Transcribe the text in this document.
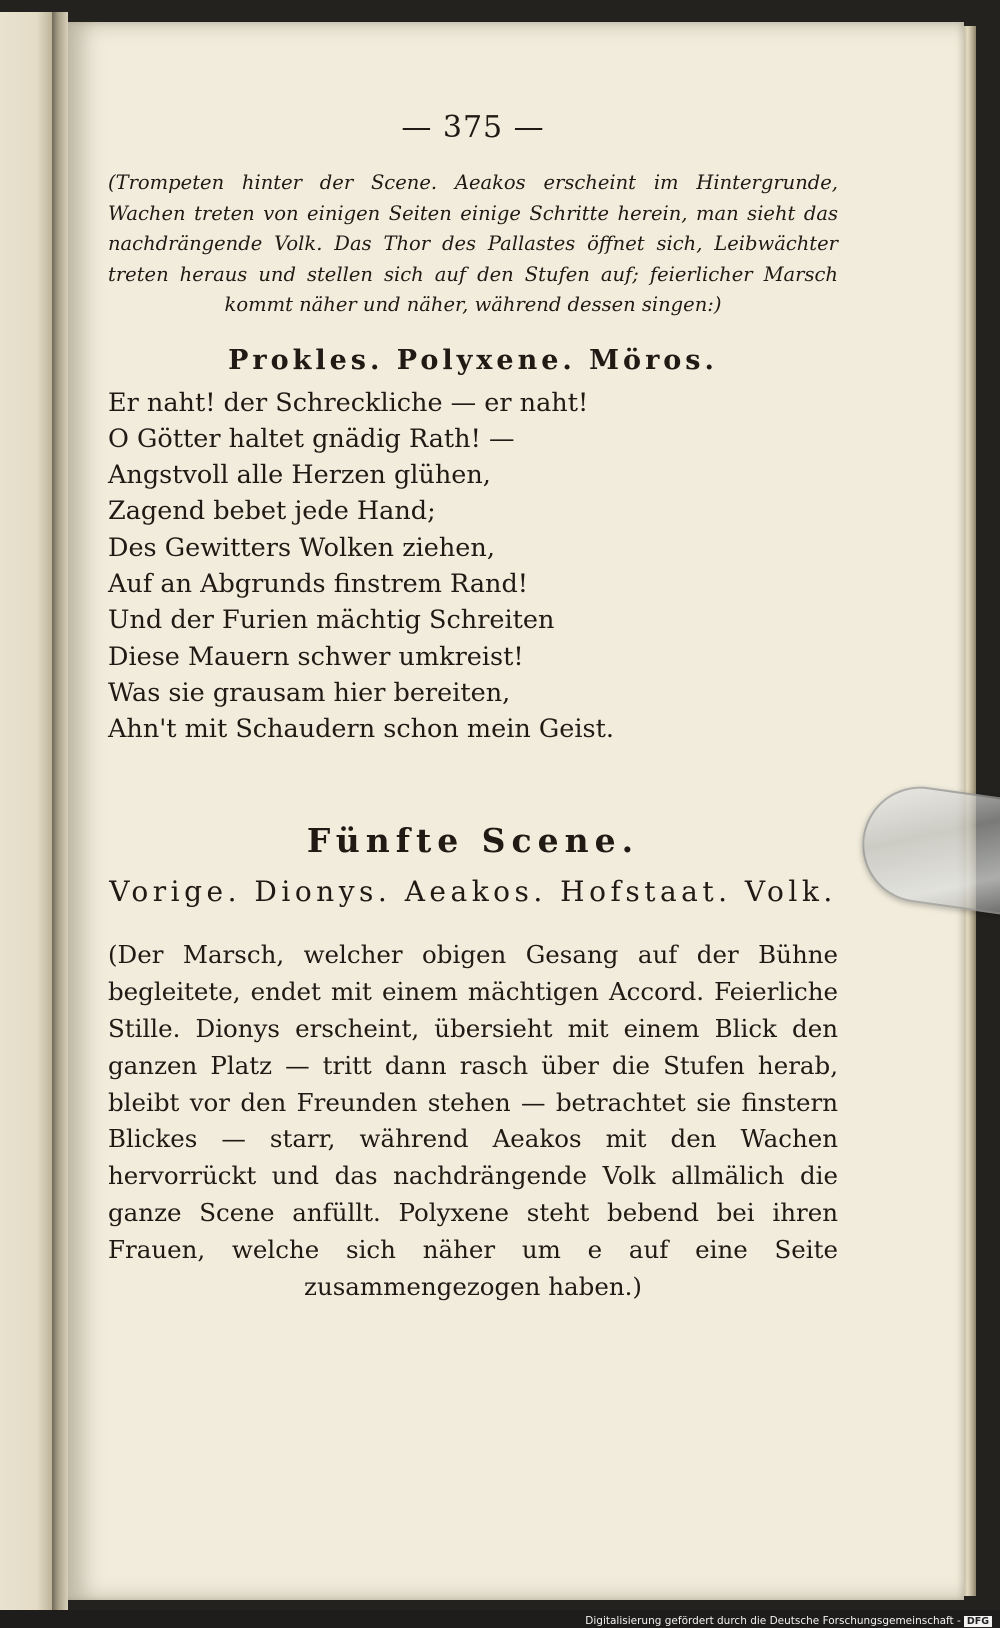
— 375 —

(Trompeten hinter der Scene. Aeakos erscheint im Hintergrunde, Wachen treten von einigen Seiten einige Schritte herein, man sieht das nachdrängende Volk. Das Thor des Pallastes öffnet sich, Leibwächter treten heraus und stellen sich auf den Stufen auf; feierlicher Marsch kommt näher und näher, während dessen singen:)

Prokles. Polyxene. Möros.
Er naht! der Schreckliche — er naht!
O Götter haltet gnädig Rath! —
Angstvoll alle Herzen glühen,
Zagend bebet jede Hand;
Des Gewitters Wolken ziehen,
Auf an Abgrunds finstrem Rand!
Und der Furien mächtig Schreiten
Diese Mauern schwer umkreist!
Was sie grausam hier bereiten,
Ahn't mit Schaudern schon mein Geist.
Fünfte Scene.
Vorige. Dionys. Aeakos. Hofstaat. Volk.

(Der Marsch, welcher obigen Gesang auf der Bühne begleitete, endet mit einem mächtigen Accord. Feierliche Stille. Dionys erscheint, übersieht mit einem Blick den ganzen Platz — tritt dann rasch über die Stufen herab, bleibt vor den Freunden stehen — betrachtet sie finstern Blickes — starr, während Aeakos mit den Wachen hervorrückt und das nachdrängende Volk allmälich die ganze Scene anfüllt. Polyxene steht bebend bei ihren Frauen, welche sich näher um e auf eine Seite zusammengezogen haben.)

Digitalisierung gefördert durch die Deutsche Forschungsgemeinschaft - DFG
